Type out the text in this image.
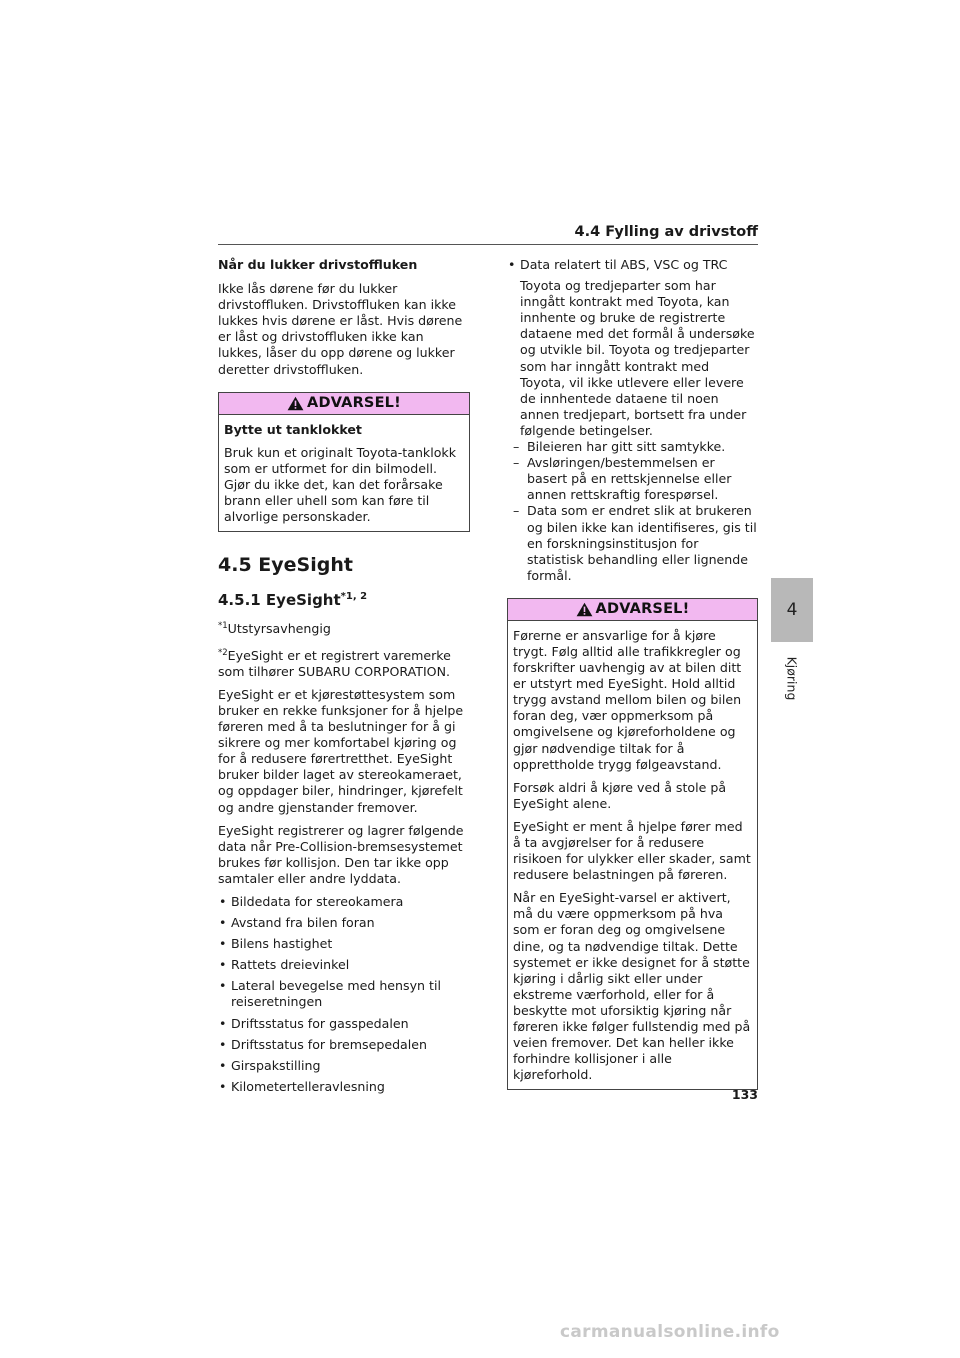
4.4 Fylling av drivstoff

Når du lukker drivstoffluken

Ikke lås dørene før du lukker drivstoffluken. Drivstoffluken kan ikke lukkes hvis dørene er låst. Hvis dørene er låst og drivstoffluken ikke kan lukkes, låser du opp dørene og lukker deretter drivstoffluken.

ADVARSEL!

Bytte ut tanklokket

Bruk kun et originalt Toyota-tanklokk som er utformet for din bilmodell. Gjør du ikke det, kan det forårsake brann eller uhell som kan føre til alvorlige personskader.

4.5 EyeSight
4.5.1 EyeSight$^{*1, 2}$

$^{*1}$Utstyrsavhengig

$^{*2}$EyeSight er et registrert varemerke som tilhører SUBARU CORPORATION.

EyeSight er et kjørestøttesystem som bruker en rekke funksjoner for å hjelpe føreren med å ta beslutninger for å gi sikrere og mer komfortabel kjøring og for å redusere førertretthet. EyeSight bruker bilder laget av stereokameraet, og oppdager biler, hindringer, kjørefelt og andre gjenstander fremover.

EyeSight registrerer og lagrer følgende data når Pre-Collision-bremsesystemet brukes før kollisjon. Den tar ikke opp samtaler eller andre lyddata.

• Bildedata for stereokamera
• Avstand fra bilen foran
• Bilens hastighet
• Rattets dreievinkel
• Lateral bevegelse med hensyn til reiseretningen
• Driftsstatus for gasspedalen
• Driftsstatus for bremsepedalen
• Girspakstilling
• Kilometertelleravlesning
• Data relatert til ABS, VSC og TRC
Toyota og tredjeparter som har inngått kontrakt med Toyota, kan innhente og bruke de registrerte dataene med det formål å undersøke og utvikle bil. Toyota og tredjeparter som har inngått kontrakt med Toyota, vil ikke utlevere eller levere de innhentede dataene til noen annen tredjepart, bortsett fra under følgende betingelser.
– Bileieren har gitt sitt samtykke.
– Avsløringen/bestemmelsen er basert på en rettskjennelse eller annen rettskraftig forespørsel.
– Data som er endret slik at brukeren og bilen ikke kan identifiseres, gis til en forskningsinstitusjon for statistisk behandling eller lignende formål.
ADVARSEL!

Førerne er ansvarlige for å kjøre trygt. Følg alltid alle trafikkregler og forskrifter uavhengig av at bilen ditt er utstyrt med EyeSight. Hold alltid trygg avstand mellom bilen og bilen foran deg, vær oppmerksom på omgivelsene og kjøreforholdene og gjør nødvendige tiltak for å opprettholde trygg følgeavstand.

Forsøk aldri å kjøre ved å stole på EyeSight alene.

EyeSight er ment å hjelpe fører med å ta avgjørelser for å redusere risikoen for ulykker eller skader, samt redusere belastningen på føreren.

Når en EyeSight-varsel er aktivert, må du være oppmerksom på hva som er foran deg og omgivelsene dine, og ta nødvendige tiltak. Dette systemet er ikke designet for å støtte kjøring i dårlig sikt eller under ekstreme værforhold, eller for å beskytte mot uforsiktig kjøring når føreren ikke følger fullstendig med på veien fremover. Det kan heller ikke forhindre kollisjoner i alle kjøreforhold.

4
Kjøring
133
carmanualsonline.info
